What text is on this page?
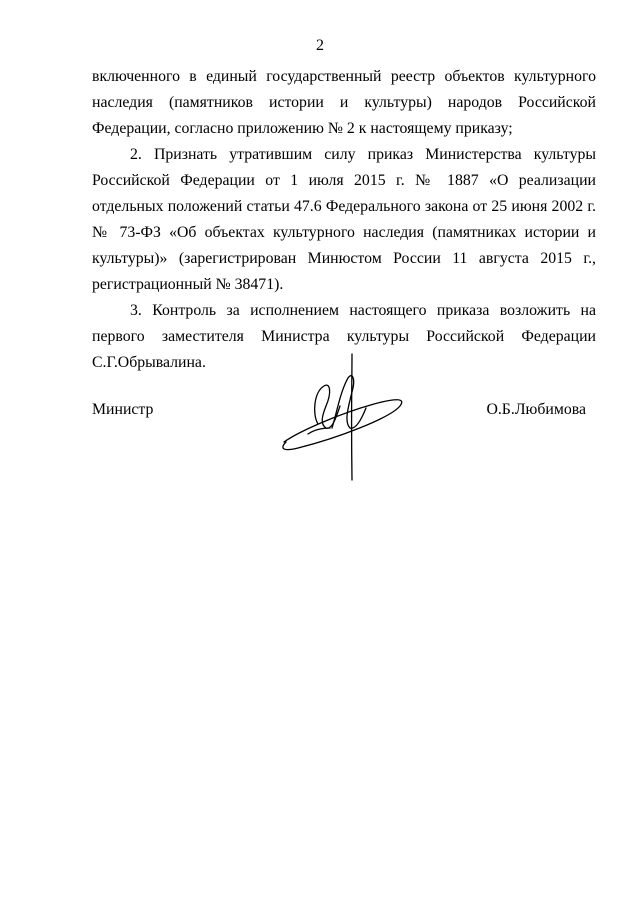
2

включенного в единый государственный реестр объектов культурного наследия (памятников истории и культуры) народов Российской Федерации, согласно приложению № 2 к настоящему приказу;

2. Признать утратившим силу приказ Министерства культуры Российской Федерации от 1 июля 2015 г. № 1887 «О реализации отдельных положений статьи 47.6 Федерального закона от 25 июня 2002 г. № 73-ФЗ «Об объектах культурного наследия (памятниках истории и культуры)» (зарегистрирован Минюстом России 11 августа 2015 г., регистрационный № 38471).

3. Контроль за исполнением настоящего приказа возложить на первого заместителя Министра культуры Российской Федерации С.Г.Обрывалина.

Министр	О.Б.Любимова
